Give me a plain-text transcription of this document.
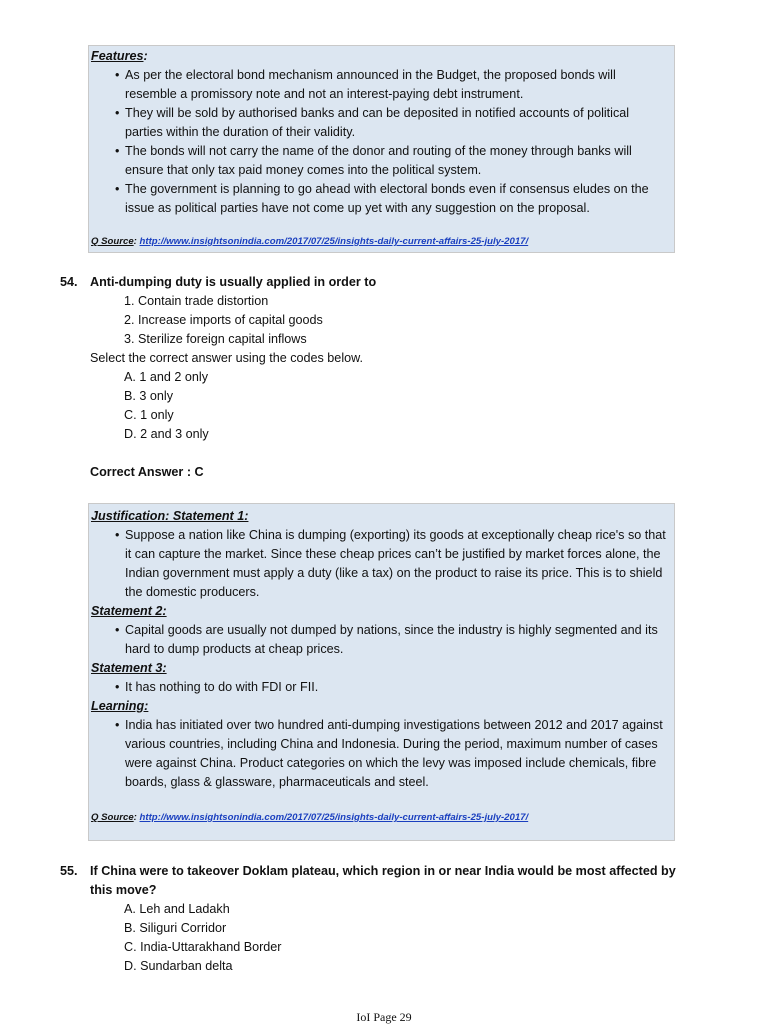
Features:
• As per the electoral bond mechanism announced in the Budget, the proposed bonds will resemble a promissory note and not an interest-paying debt instrument.
• They will be sold by authorised banks and can be deposited in notified accounts of political parties within the duration of their validity.
• The bonds will not carry the name of the donor and routing of the money through banks will ensure that only tax paid money comes into the political system.
• The government is planning to go ahead with electoral bonds even if consensus eludes on the issue as political parties have not come up yet with any suggestion on the proposal.
Q Source: http://www.insightsonindia.com/2017/07/25/insights-daily-current-affairs-25-july-2017/
54. Anti-dumping duty is usually applied in order to
1. Contain trade distortion
2. Increase imports of capital goods
3. Sterilize foreign capital inflows
Select the correct answer using the codes below.
A. 1 and 2 only
B. 3 only
C. 1 only
D. 2 and 3 only
Correct Answer : C
Justification: Statement 1:
• Suppose a nation like China is dumping (exporting) its goods at exceptionally cheap rice's so that it can capture the market. Since these cheap prices can’t be justified by market forces alone, the Indian government must apply a duty (like a tax) on the product to raise its price. This is to shield the domestic producers.
Statement 2:
• Capital goods are usually not dumped by nations, since the industry is highly segmented and its hard to dump products at cheap prices.
Statement 3:
• It has nothing to do with FDI or FII.
Learning:
• India has initiated over two hundred anti-dumping investigations between 2012 and 2017 against various countries, including China and Indonesia. During the period, maximum number of cases were against China. Product categories on which the levy was imposed include chemicals, fibre boards, glass & glassware, pharmaceuticals and steel.
Q Source: http://www.insightsonindia.com/2017/07/25/insights-daily-current-affairs-25-july-2017/
55. If China were to takeover Doklam plateau, which region in or near India would be most affected by this move?
A. Leh and Ladakh
B. Siliguri Corridor
C. India-Uttarakhand Border
D. Sundarban delta
IoI Page 29
